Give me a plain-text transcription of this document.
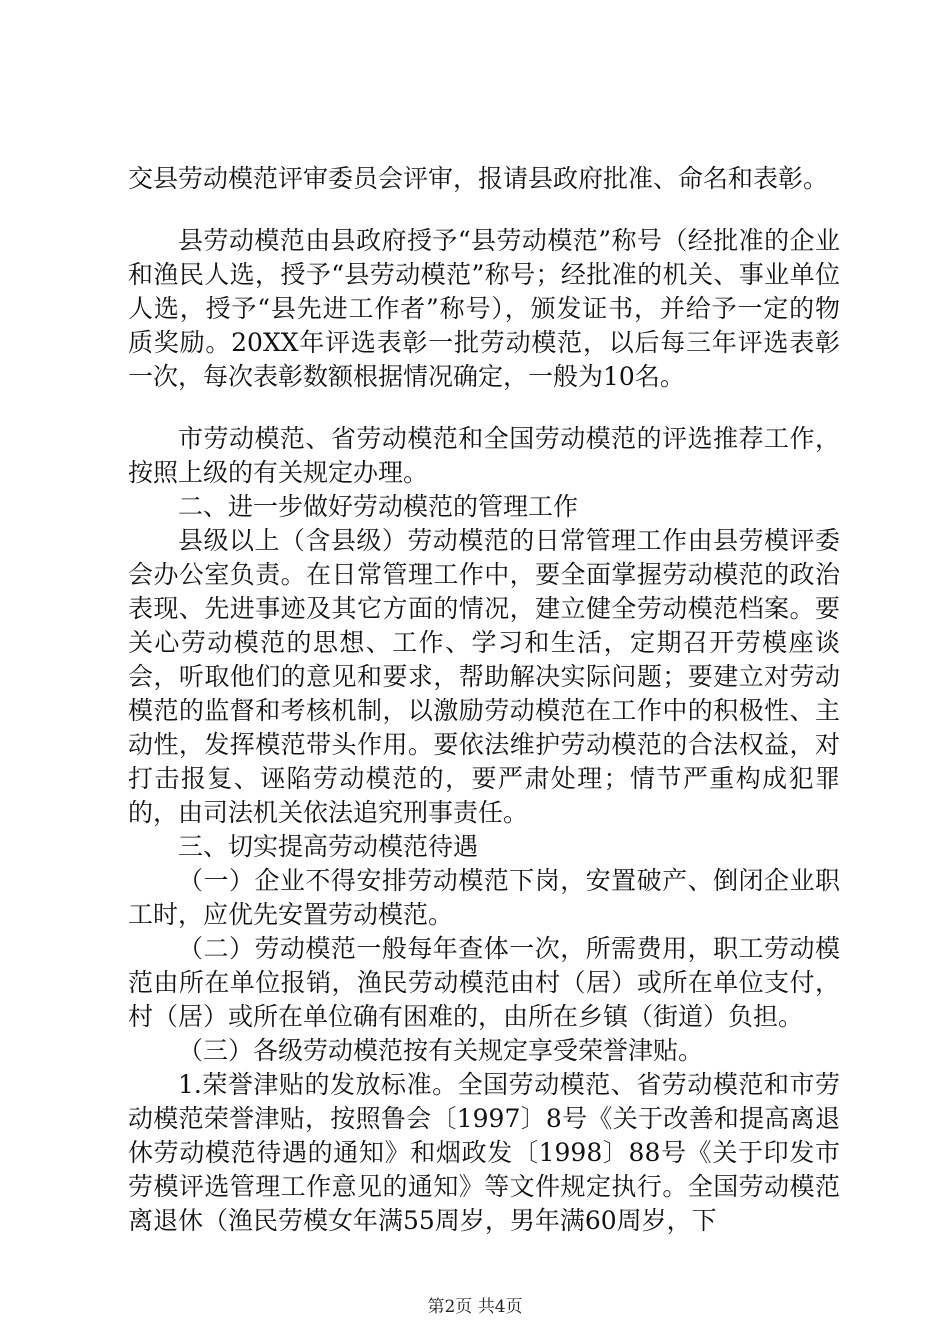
交县劳动模范评审委员会评审，报请县政府批准、命名和表彰。

县劳动模范由县政府授予“县劳动模范”称号（经批准的企业和渔民人选，授予“县劳动模范”称号；经批准的机关、事业单位人选，授予“县先进工作者”称号），颁发证书，并给予一定的物质奖励。20XX年评选表彰一批劳动模范，以后每三年评选表彰一次，每次表彰数额根据情况确定，一般为10名。

市劳动模范、省劳动模范和全国劳动模范的评选推荐工作，按照上级的有关规定办理。

二、进一步做好劳动模范的管理工作

县级以上（含县级）劳动模范的日常管理工作由县劳模评委会办公室负责。在日常管理工作中，要全面掌握劳动模范的政治表现、先进事迹及其它方面的情况，建立健全劳动模范档案。要关心劳动模范的思想、工作、学习和生活，定期召开劳模座谈会，听取他们的意见和要求，帮助解决实际问题；要建立对劳动模范的监督和考核机制，以激励劳动模范在工作中的积极性、主动性，发挥模范带头作用。要依法维护劳动模范的合法权益，对打击报复、诬陷劳动模范的，要严肃处理；情节严重构成犯罪的，由司法机关依法追究刑事责任。

三、切实提高劳动模范待遇

（一）企业不得安排劳动模范下岗，安置破产、倒闭企业职工时，应优先安置劳动模范。

（二）劳动模范一般每年查体一次，所需费用，职工劳动模范由所在单位报销，渔民劳动模范由村（居）或所在单位支付，村（居）或所在单位确有困难的，由所在乡镇（街道）负担。

（三）各级劳动模范按有关规定享受荣誉津贴。

1.荣誉津贴的发放标准。全国劳动模范、省劳动模范和市劳动模范荣誉津贴，按照鲁会〔1997〕8号《关于改善和提高离退休劳动模范待遇的通知》和烟政发〔1998〕88号《关于印发市劳模评选管理工作意见的通知》等文件规定执行。全国劳动模范离退休（渔民劳模女年满55周岁，男年满60周岁，下

第2页 共4页
